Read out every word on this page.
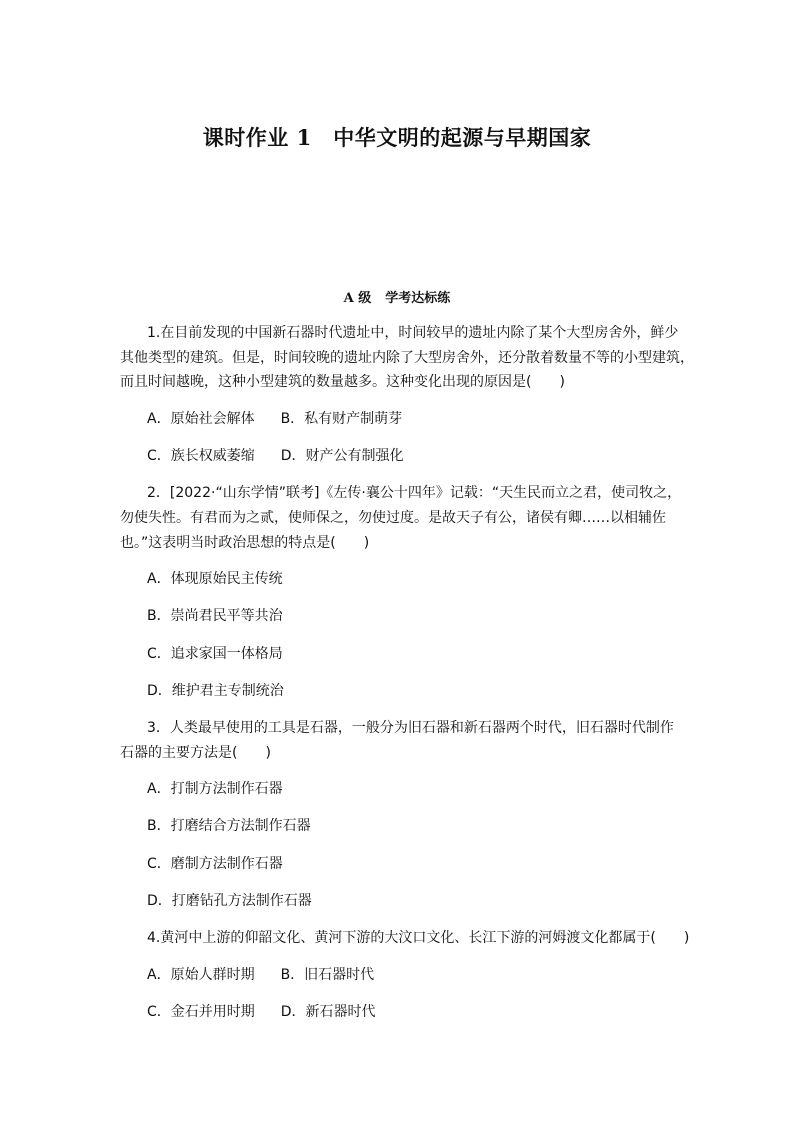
课时作业 1　中华文明的起源与早期国家
A 级 学考达标练
1.在目前发现的中国新石器时代遗址中，时间较早的遗址内除了某个大型房舍外，鲜少
其他类型的建筑。但是，时间较晚的遗址内除了大型房舍外，还分散着数量不等的小型建筑，
而且时间越晚，这种小型建筑的数量越多。这种变化出现的原因是(　　)
A．原始社会解体 B．私有财产制萌芽
C．族长权威萎缩 D．财产公有制强化
2．[2022·“山东学情”联考]《左传·襄公十四年》记载：“天生民而立之君，使司牧之，
勿使失性。有君而为之贰，使师保之，勿使过度。是故天子有公，诸侯有卿……以相辅佐
也。”这表明当时政治思想的特点是(　　)
A．体现原始民主传统
B．崇尚君民平等共治
C．追求家国一体格局
D．维护君主专制统治
3．人类最早使用的工具是石器，一般分为旧石器和新石器两个时代，旧石器时代制作
石器的主要方法是(　　)
A．打制方法制作石器
B．打磨结合方法制作石器
C．磨制方法制作石器
D．打磨钻孔方法制作石器
4.黄河中上游的仰韶文化、黄河下游的大汶口文化、长江下游的河姆渡文化都属于(　　)
A．原始人群时期 B．旧石器时代
C．金石并用时期 D．新石器时代
